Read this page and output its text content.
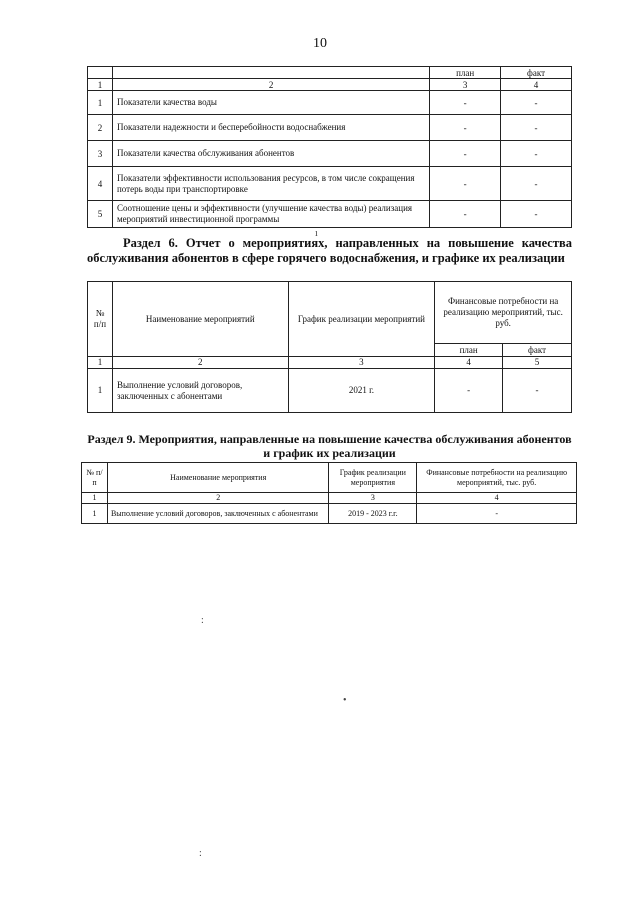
10
		план	факт
1	2	3	4
1	Показатели качества воды	-	-
2	Показатели надежности и бесперебойности водоснабжения	-	-
3	Показатели качества обслуживания абонентов	-	-
4	Показатели эффективности использования ресурсов, в том числе сокращения потерь воды при транспортировке	-	-
5	Соотношение цены и эффективности (улучшение качества воды) реализация мероприятий инвестиционной программы	-	-
ı
Раздел 6. Отчет о мероприятиях, направленных на повышение качества обслуживания абонентов в сфере горячего водоснабжения, и графике их реализации
№ п/п	Наименование мероприятий	График реализации мероприятий	Финансовые потребности на реализацию мероприятий, тыс. руб.	
			план	факт
1	2	3	4	5
1	Выполнение условий договоров, заключенных с абонентами	2021 г.	-	-
Раздел 9. Мероприятия, направленные на повышение качества обслуживания абонентов и график их реализации
№ п/п	Наименование мероприятия	График реализации мероприятия	Финансовые потребности на реализацию мероприятий, тыс. руб.
1	2	3	4
1	Выполнение условий договоров, заключенных с абонентами	2019 - 2023 г.г.	-
:
•
:
